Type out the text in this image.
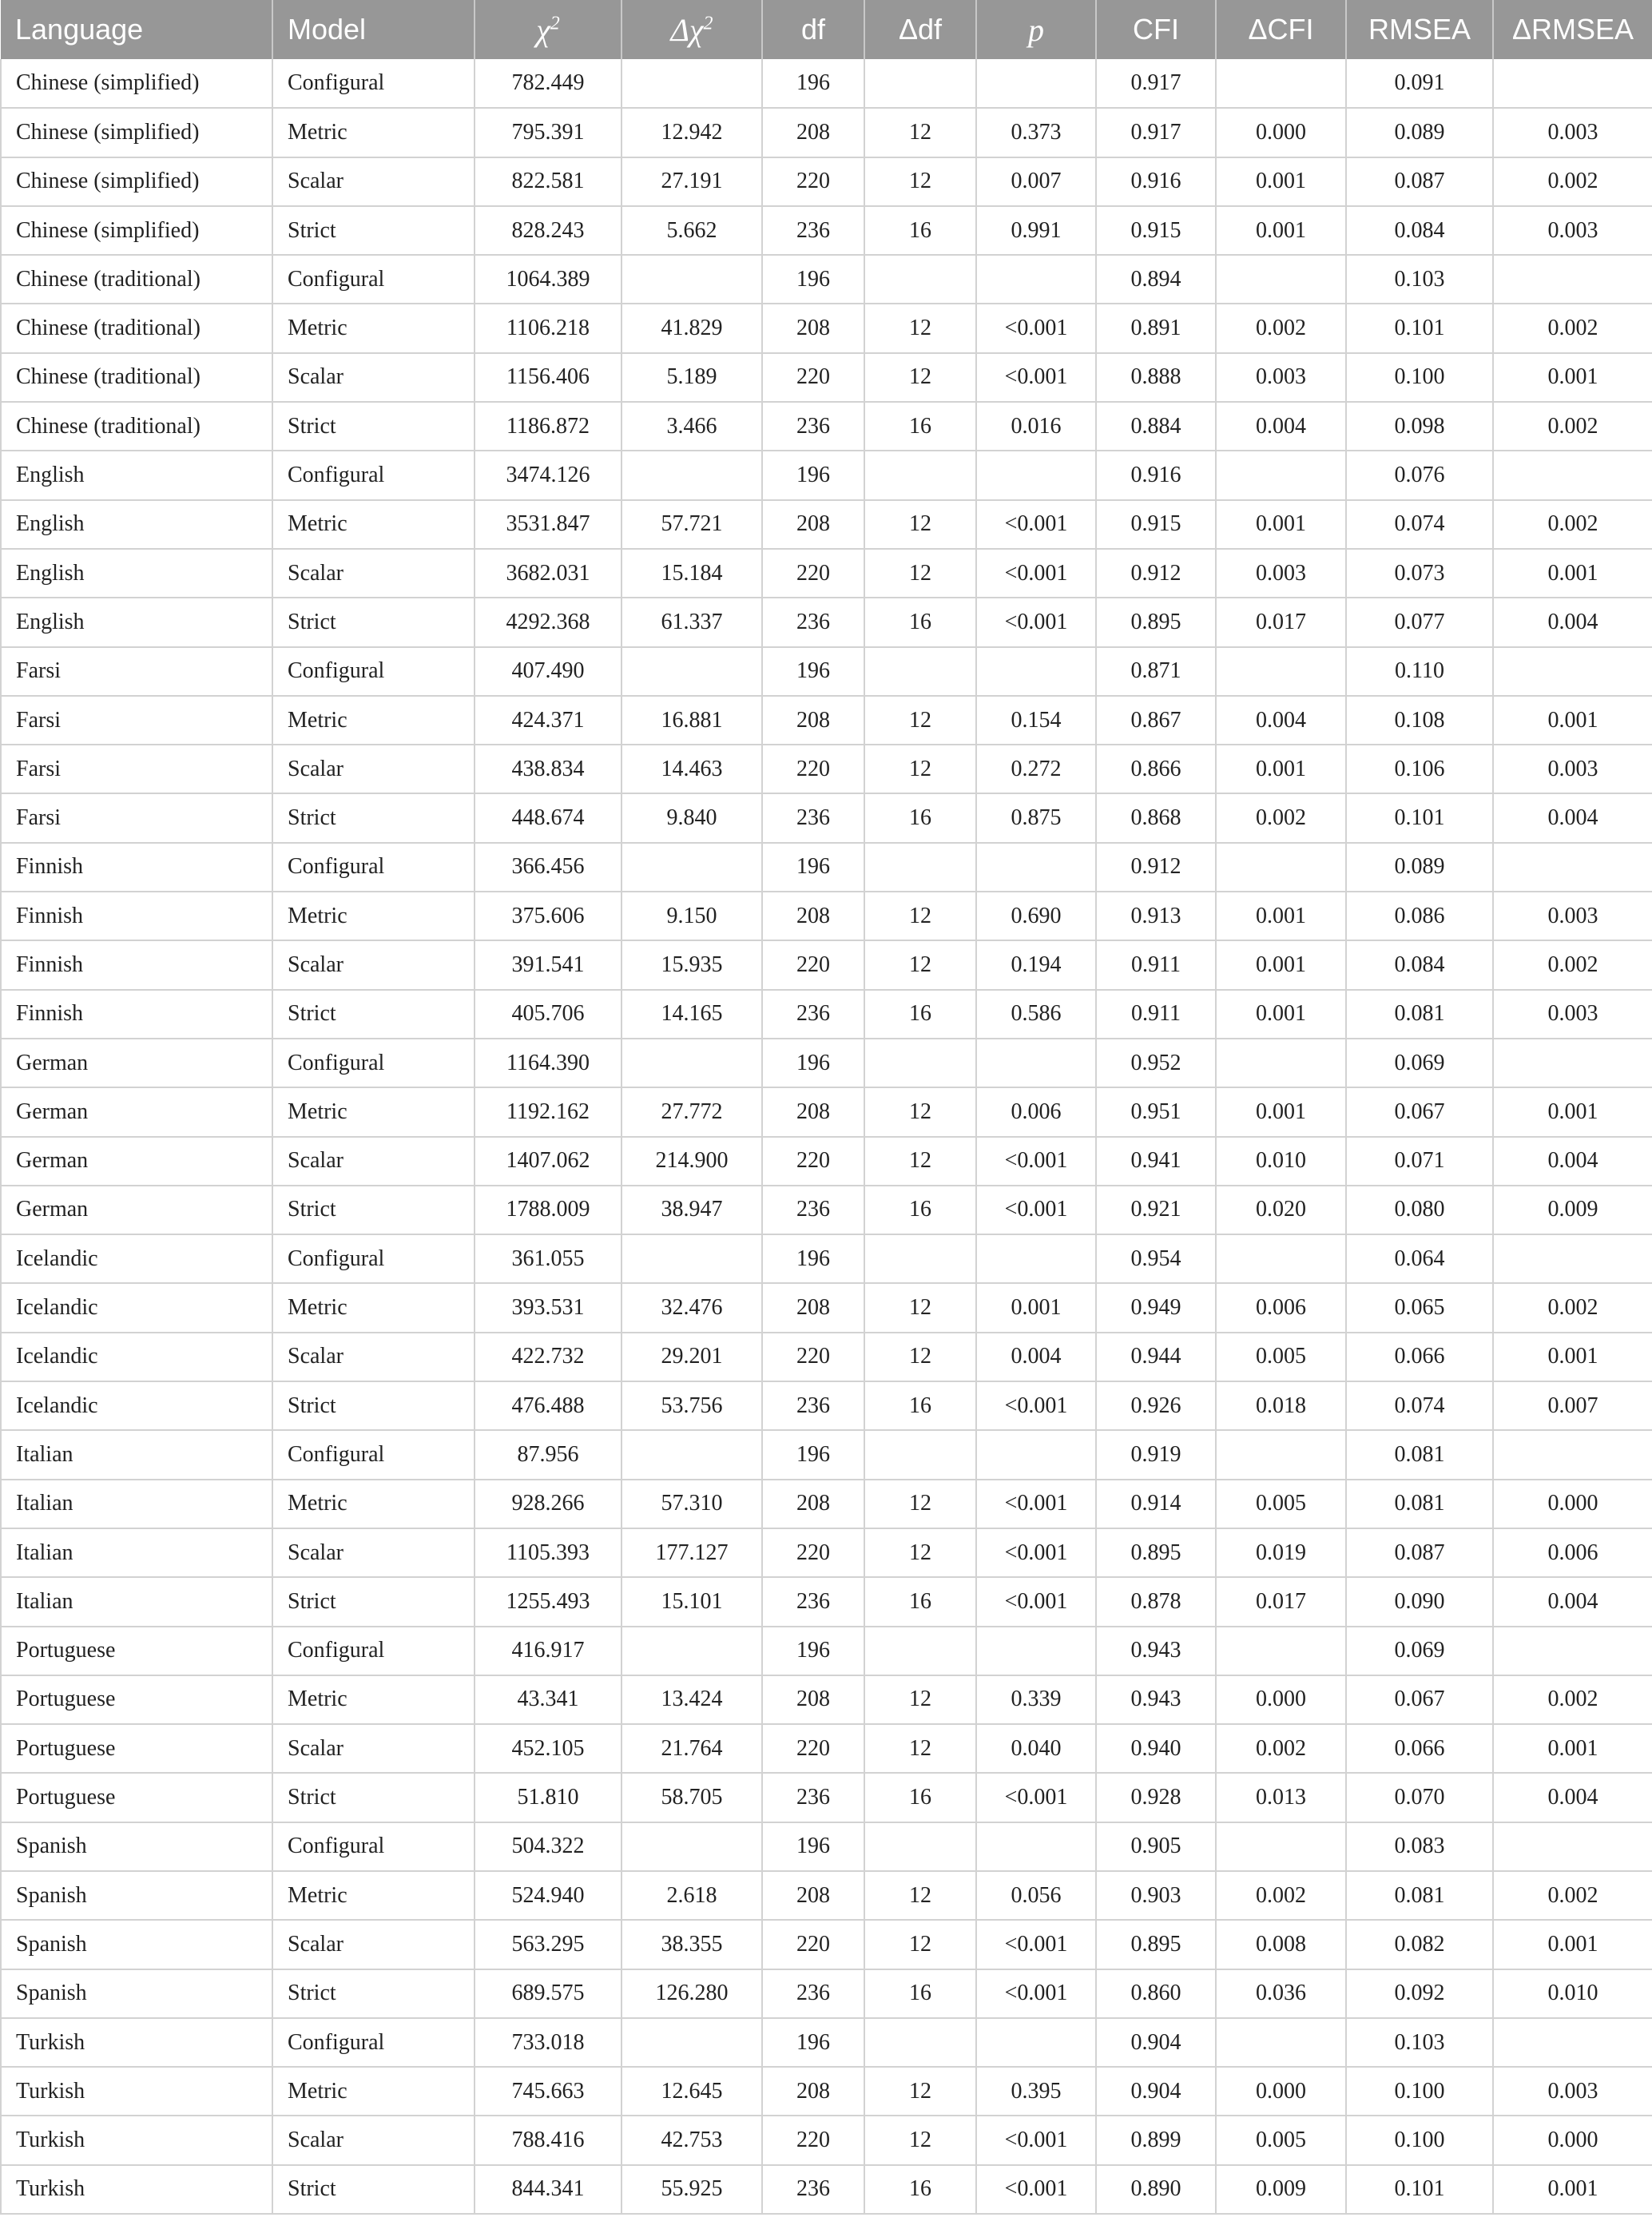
Language	Model	$\chi^2$	$\Delta\chi^2$	df	Δdf	p	CFI	ΔCFI	RMSEA	ΔRMSEA
Chinese (simplified)	Configural	782.449		196			0.917		0.091	
Chinese (simplified)	Metric	795.391	12.942	208	12	0.373	0.917	0.000	0.089	0.003
Chinese (simplified)	Scalar	822.581	27.191	220	12	0.007	0.916	0.001	0.087	0.002
Chinese (simplified)	Strict	828.243	5.662	236	16	0.991	0.915	0.001	0.084	0.003
Chinese (traditional)	Configural	1064.389		196			0.894		0.103	
Chinese (traditional)	Metric	1106.218	41.829	208	12	<0.001	0.891	0.002	0.101	0.002
Chinese (traditional)	Scalar	1156.406	5.189	220	12	<0.001	0.888	0.003	0.100	0.001
Chinese (traditional)	Strict	1186.872	3.466	236	16	0.016	0.884	0.004	0.098	0.002
English	Configural	3474.126		196			0.916		0.076	
English	Metric	3531.847	57.721	208	12	<0.001	0.915	0.001	0.074	0.002
English	Scalar	3682.031	15.184	220	12	<0.001	0.912	0.003	0.073	0.001
English	Strict	4292.368	61.337	236	16	<0.001	0.895	0.017	0.077	0.004
Farsi	Configural	407.490		196			0.871		0.110	
Farsi	Metric	424.371	16.881	208	12	0.154	0.867	0.004	0.108	0.001
Farsi	Scalar	438.834	14.463	220	12	0.272	0.866	0.001	0.106	0.003
Farsi	Strict	448.674	9.840	236	16	0.875	0.868	0.002	0.101	0.004
Finnish	Configural	366.456		196			0.912		0.089	
Finnish	Metric	375.606	9.150	208	12	0.690	0.913	0.001	0.086	0.003
Finnish	Scalar	391.541	15.935	220	12	0.194	0.911	0.001	0.084	0.002
Finnish	Strict	405.706	14.165	236	16	0.586	0.911	0.001	0.081	0.003
German	Configural	1164.390		196			0.952		0.069	
German	Metric	1192.162	27.772	208	12	0.006	0.951	0.001	0.067	0.001
German	Scalar	1407.062	214.900	220	12	<0.001	0.941	0.010	0.071	0.004
German	Strict	1788.009	38.947	236	16	<0.001	0.921	0.020	0.080	0.009
Icelandic	Configural	361.055		196			0.954		0.064	
Icelandic	Metric	393.531	32.476	208	12	0.001	0.949	0.006	0.065	0.002
Icelandic	Scalar	422.732	29.201	220	12	0.004	0.944	0.005	0.066	0.001
Icelandic	Strict	476.488	53.756	236	16	<0.001	0.926	0.018	0.074	0.007
Italian	Configural	87.956		196			0.919		0.081	
Italian	Metric	928.266	57.310	208	12	<0.001	0.914	0.005	0.081	0.000
Italian	Scalar	1105.393	177.127	220	12	<0.001	0.895	0.019	0.087	0.006
Italian	Strict	1255.493	15.101	236	16	<0.001	0.878	0.017	0.090	0.004
Portuguese	Configural	416.917		196			0.943		0.069	
Portuguese	Metric	43.341	13.424	208	12	0.339	0.943	0.000	0.067	0.002
Portuguese	Scalar	452.105	21.764	220	12	0.040	0.940	0.002	0.066	0.001
Portuguese	Strict	51.810	58.705	236	16	<0.001	0.928	0.013	0.070	0.004
Spanish	Configural	504.322		196			0.905		0.083	
Spanish	Metric	524.940	2.618	208	12	0.056	0.903	0.002	0.081	0.002
Spanish	Scalar	563.295	38.355	220	12	<0.001	0.895	0.008	0.082	0.001
Spanish	Strict	689.575	126.280	236	16	<0.001	0.860	0.036	0.092	0.010
Turkish	Configural	733.018		196			0.904		0.103	
Turkish	Metric	745.663	12.645	208	12	0.395	0.904	0.000	0.100	0.003
Turkish	Scalar	788.416	42.753	220	12	<0.001	0.899	0.005	0.100	0.000
Turkish	Strict	844.341	55.925	236	16	<0.001	0.890	0.009	0.101	0.001
